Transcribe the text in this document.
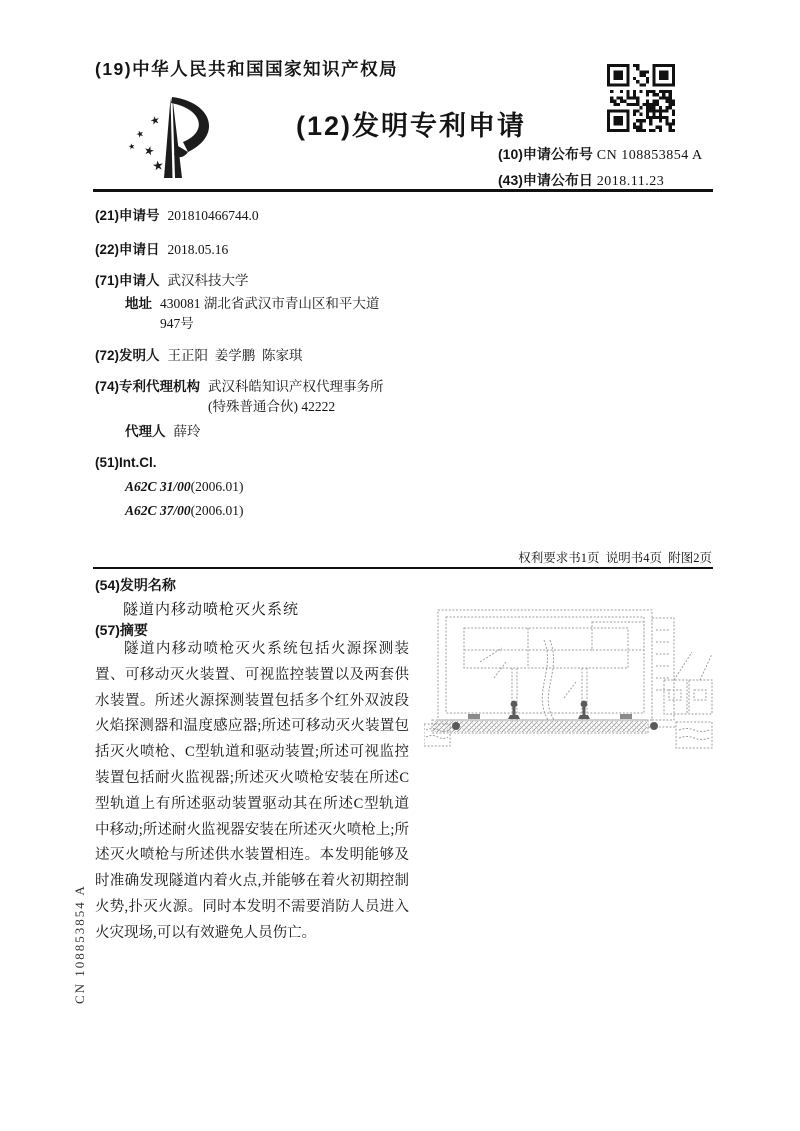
(19)中华人民共和国国家知识产权局
★
★
★ ★
★
(12)发明专利申请
(10)申请公布号 CN 108853854 A
(43)申请公布日 2018.11.23
(21)申请号 201810466744.0
(22)申请日 2018.05.16
(71)申请人 武汉科技大学
地址 430081 湖北省武汉市青山区和平大道947号
(72)发明人 王正阳  姜学鹏  陈家琪
(74)专利代理机构 武汉科皓知识产权代理事务所(特殊普通合伙) 42222
代理人 薛玲
(51)Int.Cl.
A62C 31/00(2006.01)
A62C 37/00(2006.01)
权利要求书1页  说明书4页  附图2页
(54)发明名称
隧道内移动喷枪灭火系统
(57)摘要
隧道内移动喷枪灭火系统包括火源探测装置、可移动灭火装置、可视监控装置以及两套供水装置。所述火源探测装置包括多个红外双波段火焰探测器和温度感应器;所述可移动灭火装置包括灭火喷枪、C型轨道和驱动装置;所述可视监控装置包括耐火监视器;所述灭火喷枪安装在所述C型轨道上有所述驱动装置驱动其在所述C型轨道中移动;所述耐火监视器安装在所述灭火喷枪上;所述灭火喷枪与所述供水装置相连。本发明能够及时准确发现隧道内着火点,并能够在着火初期控制火势,扑灭火源。同时本发明不需要消防人员进入火灾现场,可以有效避免人员伤亡。
CN 108853854 A
